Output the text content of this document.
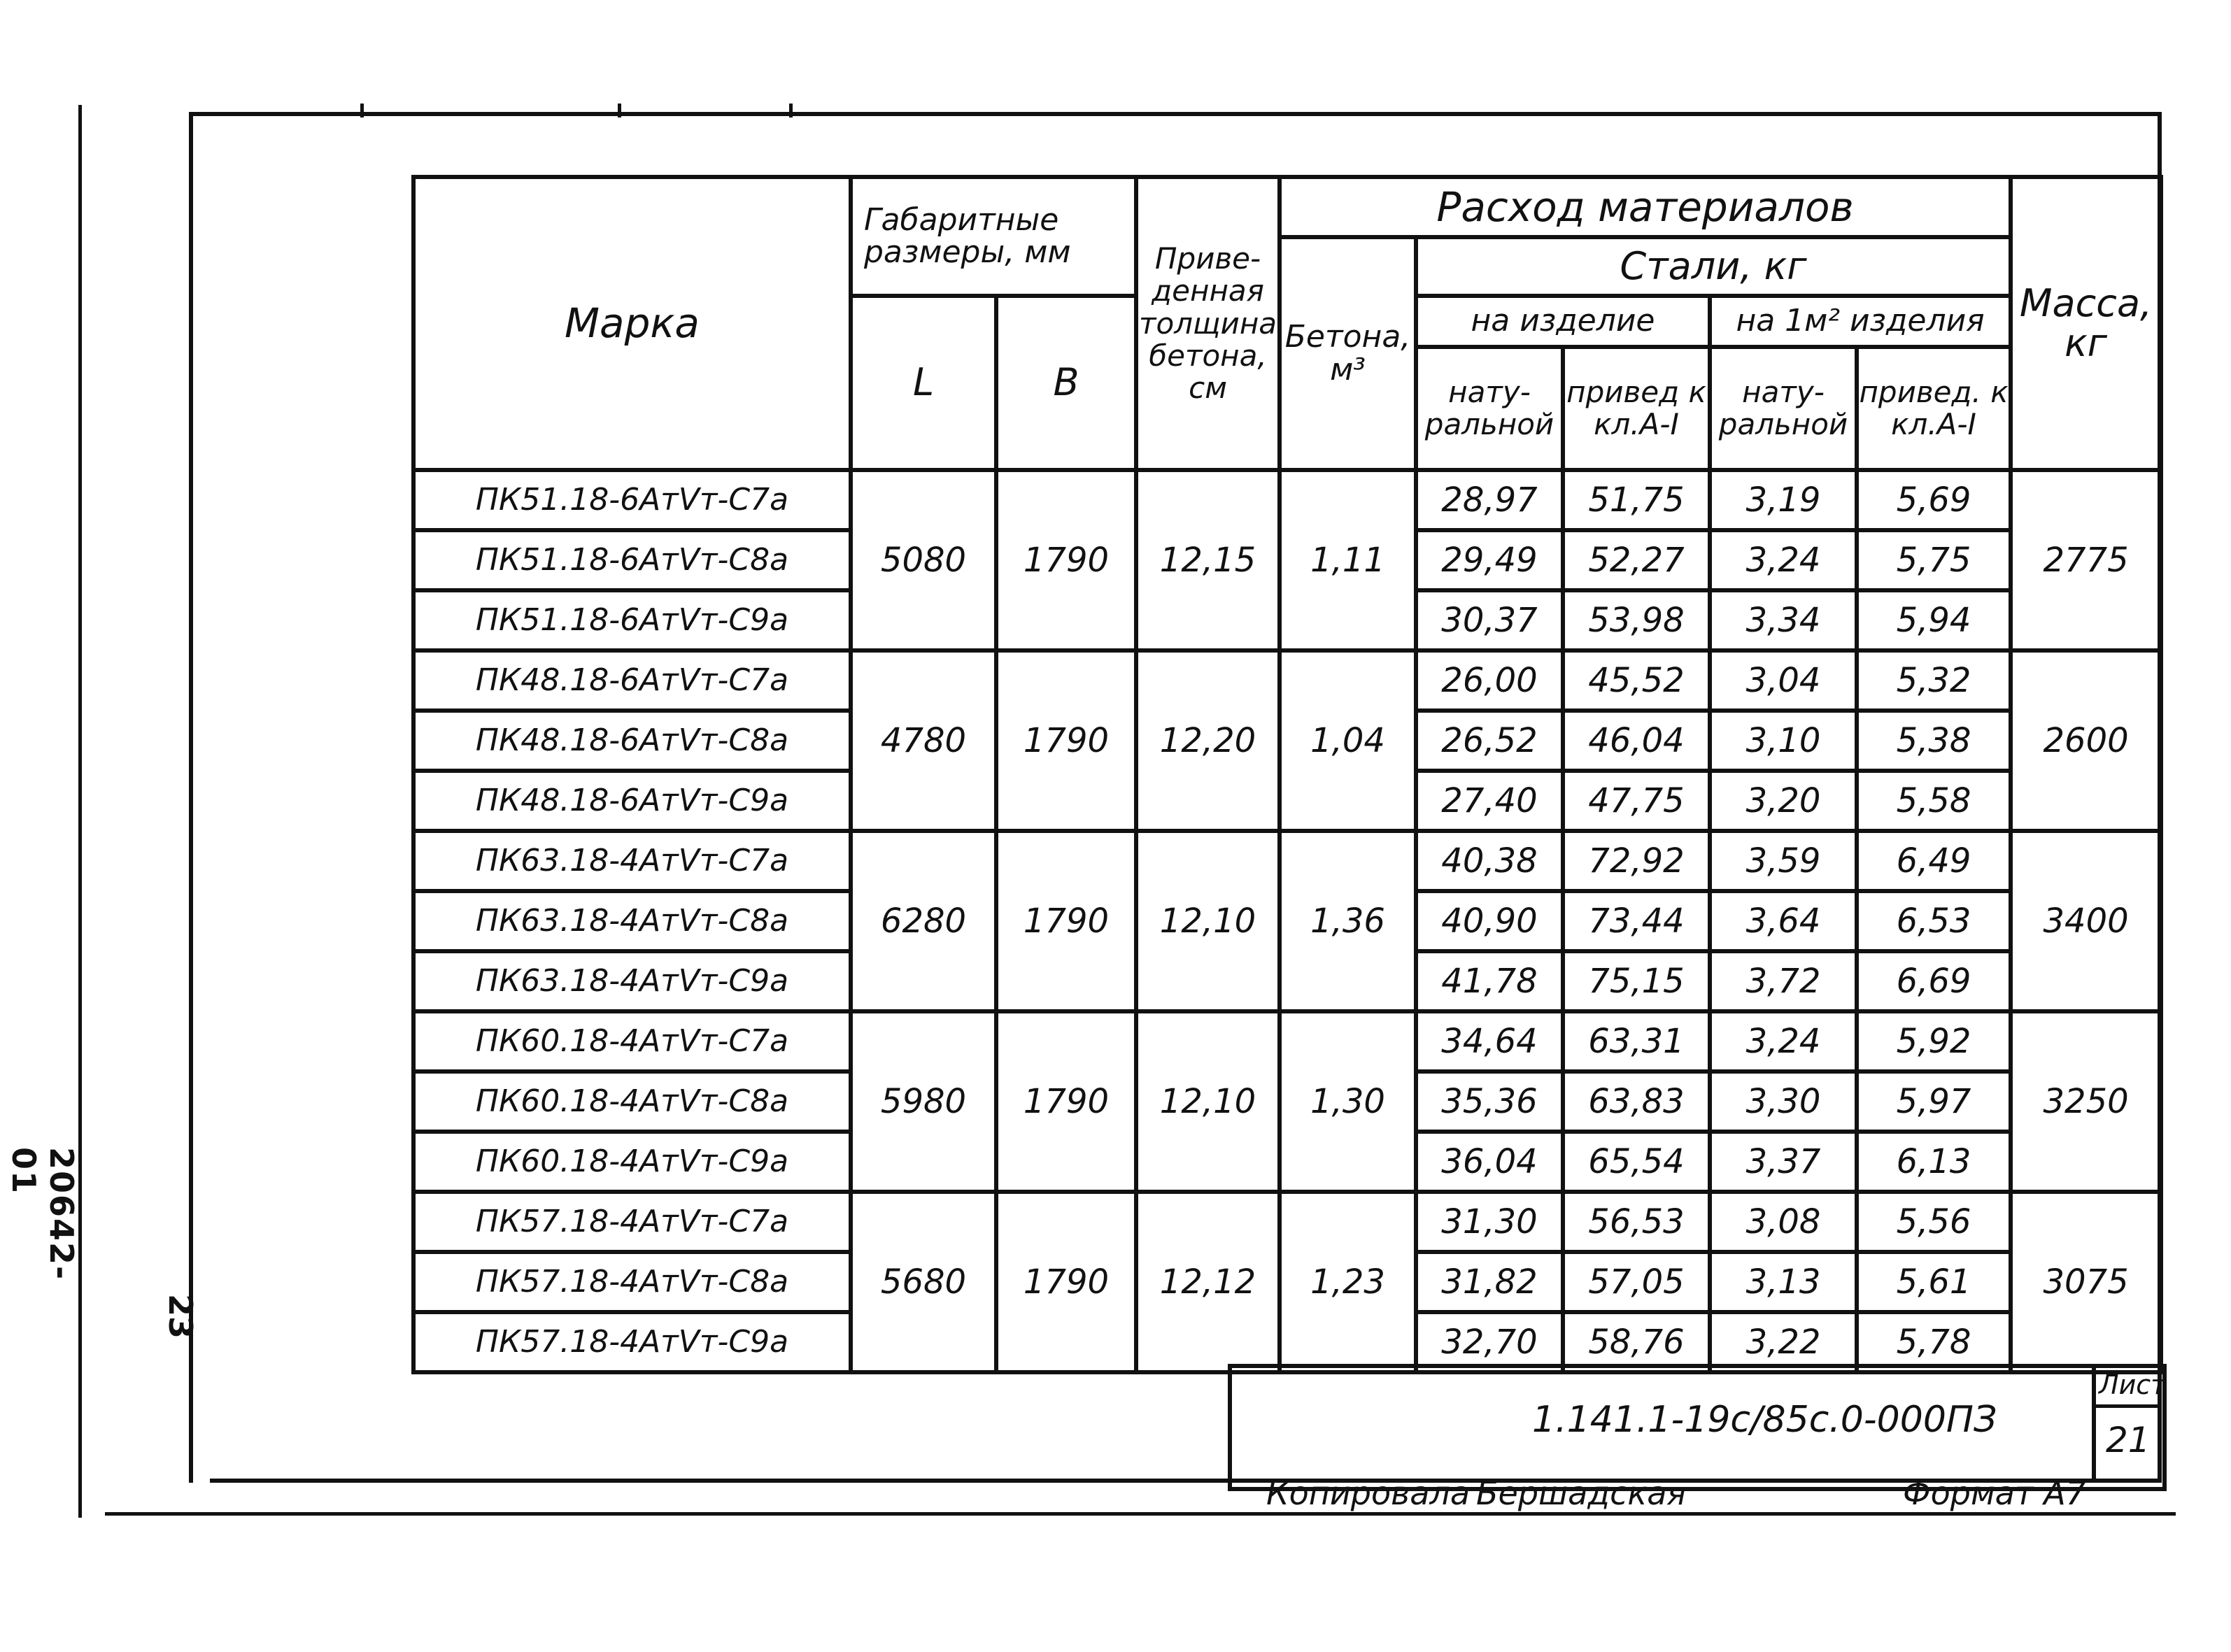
20642-01
23
Марка	Габаритные размеры, мм		Приве-денная толщина бетона, см	Расход материалов					Масса, кг
				Бетона, м³	Стали, кг				
	L	В			на изделие		на 1м² изделия		
					нату-ральной	привед к кл.А-I	нату-ральной	привед. к кл.А-I	
ПК51.18-6АтⅤт-С7а	5080	1790	12,15	1,11	28,97	51,75	3,19	5,69	2775
ПК51.18-6АтⅤт-С8а					29,49	52,27	3,24	5,75	
ПК51.18-6АтⅤт-С9а					30,37	53,98	3,34	5,94	
ПК48.18-6АтⅤт-С7а	4780	1790	12,20	1,04	26,00	45,52	3,04	5,32	2600
ПК48.18-6АтⅤт-С8а					26,52	46,04	3,10	5,38	
ПК48.18-6АтⅤт-С9а					27,40	47,75	3,20	5,58	
ПК63.18-4АтⅤт-С7а	6280	1790	12,10	1,36	40,38	72,92	3,59	6,49	3400
ПК63.18-4АтⅤт-С8а					40,90	73,44	3,64	6,53	
ПК63.18-4АтⅤт-С9а					41,78	75,15	3,72	6,69	
ПК60.18-4АтⅤт-С7а	5980	1790	12,10	1,30	34,64	63,31	3,24	5,92	3250
ПК60.18-4АтⅤт-С8а					35,36	63,83	3,30	5,97	
ПК60.18-4АтⅤт-С9а					36,04	65,54	3,37	6,13	
ПК57.18-4АтⅤт-С7а	5680	1790	12,12	1,23	31,30	56,53	3,08	5,56	3075
ПК57.18-4АтⅤт-С8а					31,82	57,05	3,13	5,61	
ПК57.18-4АтⅤт-С9а					32,70	58,76	3,22	5,78	
1.141.1-19с/85с.0-000ПЗ
Лист
21
Копировала Бершадская	Формат А7
